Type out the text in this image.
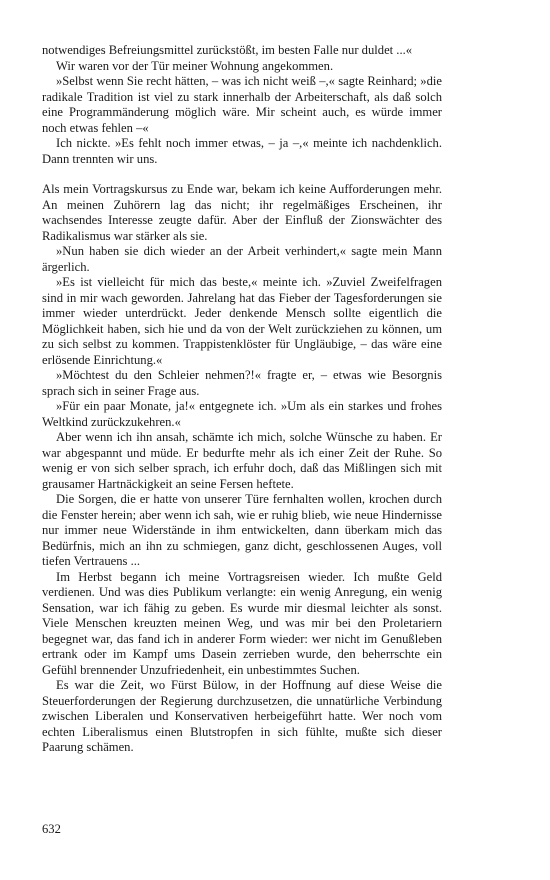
notwendiges Befreiungsmittel zurückstößt, im besten Falle nur duldet ...«

Wir waren vor der Tür meiner Wohnung angekommen.

»Selbst wenn Sie recht hätten, – was ich nicht weiß –,« sagte Reinhard; »die radikale Tradition ist viel zu stark innerhalb der Arbeiterschaft, als daß solch eine Programmänderung möglich wäre. Mir scheint auch, es würde immer noch etwas fehlen –«

Ich nickte. »Es fehlt noch immer etwas, – ja –,« meinte ich nachdenklich. Dann trennten wir uns.

Als mein Vortragskursus zu Ende war, bekam ich keine Aufforderungen mehr. An meinen Zuhörern lag das nicht; ihr regelmäßiges Erscheinen, ihr wachsendes Interesse zeugte dafür. Aber der Einfluß der Zionswächter des Radikalismus war stärker als sie.

»Nun haben sie dich wieder an der Arbeit verhindert,« sagte mein Mann ärgerlich.

»Es ist vielleicht für mich das beste,« meinte ich. »Zuviel Zweifelfragen sind in mir wach geworden. Jahrelang hat das Fieber der Tagesforderungen sie immer wieder unterdrückt. Jeder denkende Mensch sollte eigentlich die Möglichkeit haben, sich hie und da von der Welt zurückziehen zu können, um zu sich selbst zu kommen. Trappistenklöster für Ungläubige, – das wäre eine erlösende Einrichtung.«

»Möchtest du den Schleier nehmen?!« fragte er, – etwas wie Besorgnis sprach sich in seiner Frage aus.

»Für ein paar Monate, ja!« entgegnete ich. »Um als ein starkes und frohes Weltkind zurückzukehren.«

Aber wenn ich ihn ansah, schämte ich mich, solche Wünsche zu haben. Er war abgespannt und müde. Er bedurfte mehr als ich einer Zeit der Ruhe. So wenig er von sich selber sprach, ich erfuhr doch, daß das Mißlingen sich mit grausamer Hartnäckigkeit an seine Fersen heftete.

Die Sorgen, die er hatte von unserer Türe fernhalten wollen, krochen durch die Fenster herein; aber wenn ich sah, wie er ruhig blieb, wie neue Hindernisse nur immer neue Widerstände in ihm entwickelten, dann überkam mich das Bedürfnis, mich an ihn zu schmiegen, ganz dicht, geschlossenen Auges, voll tiefen Vertrauens ...

Im Herbst begann ich meine Vortragsreisen wieder. Ich mußte Geld verdienen. Und was dies Publikum verlangte: ein wenig Anregung, ein wenig Sensation, war ich fähig zu geben. Es wurde mir diesmal leichter als sonst. Viele Menschen kreuzten meinen Weg, und was mir bei den Proletariern begegnet war, das fand ich in anderer Form wieder: wer nicht im Genußleben ertrank oder im Kampf ums Dasein zerrieben wurde, den beherrschte ein Gefühl brennender Unzufriedenheit, ein unbestimmtes Suchen.

Es war die Zeit, wo Fürst Bülow, in der Hoffnung auf diese Weise die Steuerforderungen der Regierung durchzusetzen, die unnatürliche Verbindung zwischen Liberalen und Konservativen herbeigeführt hatte. Wer noch vom echten Liberalismus einen Blutstropfen in sich fühlte, mußte sich dieser Paarung schämen.

632
